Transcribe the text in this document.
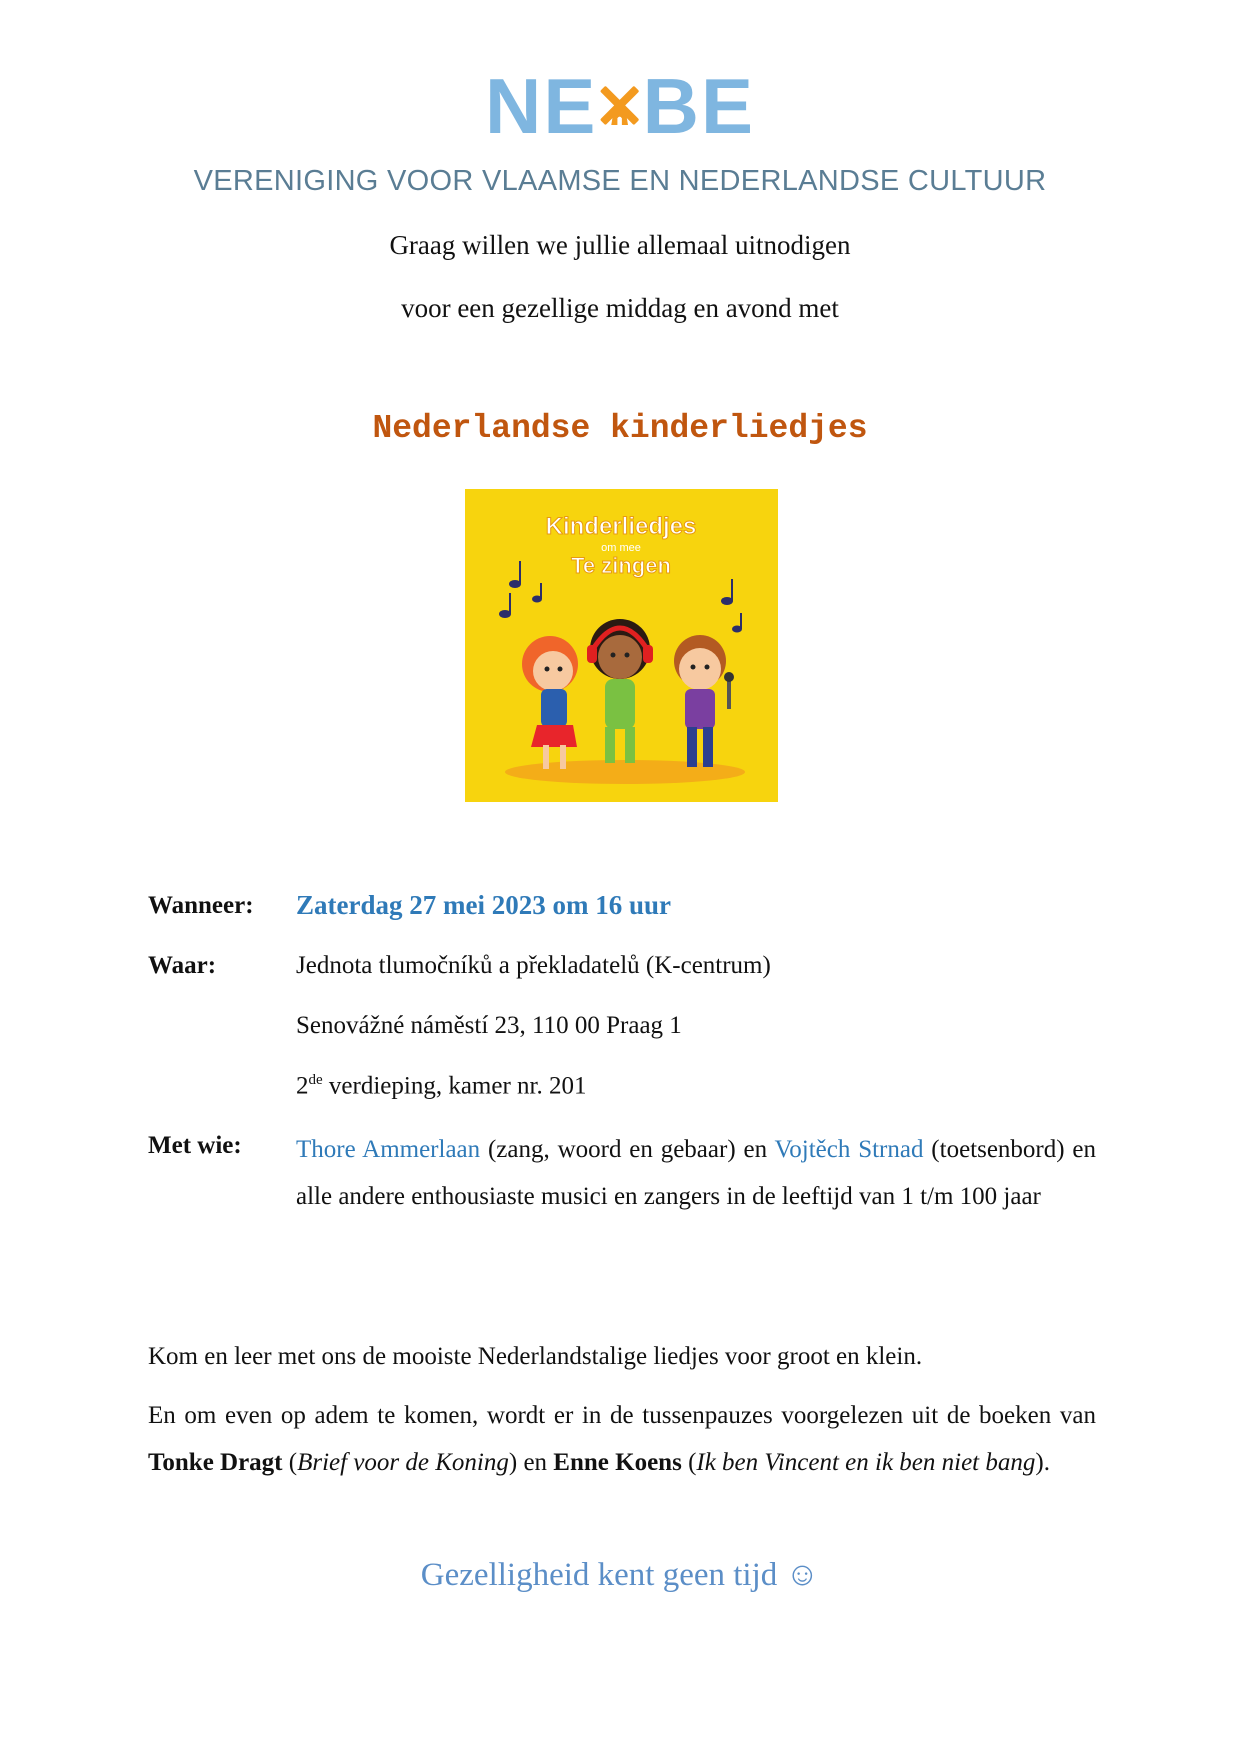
NE BE
VERENIGING VOOR VLAAMSE EN NEDERLANDSE CULTUUR
Graag willen we jullie allemaal uitnodigen
voor een gezellige middag en avond met
Nederlandse kinderliedjes
Kinderliedjes
om mee
Te zingen
Wanneer: Zaterdag 27 mei 2023 om 16 uur
Waar:	Jednota tlumočníků a překladatelů (K-centrum)
Senovážné náměstí 23, 110 00 Praag 1
2de verdieping, kamer nr. 201
Met wie: Thore Ammerlaan (zang, woord en gebaar) en Vojtěch Strnad (toetsenbord) en alle andere enthousiaste musici en zangers in de leeftijd van 1 t/m 100 jaar
Kom en leer met ons de mooiste Nederlandstalige liedjes voor groot en klein.
En om even op adem te komen, wordt er in de tussenpauzes voorgelezen uit de boeken van Tonke Dragt (Brief voor de Koning) en Enne Koens (Ik ben Vincent en ik ben niet bang).
Gezelligheid kent geen tijd ☺
